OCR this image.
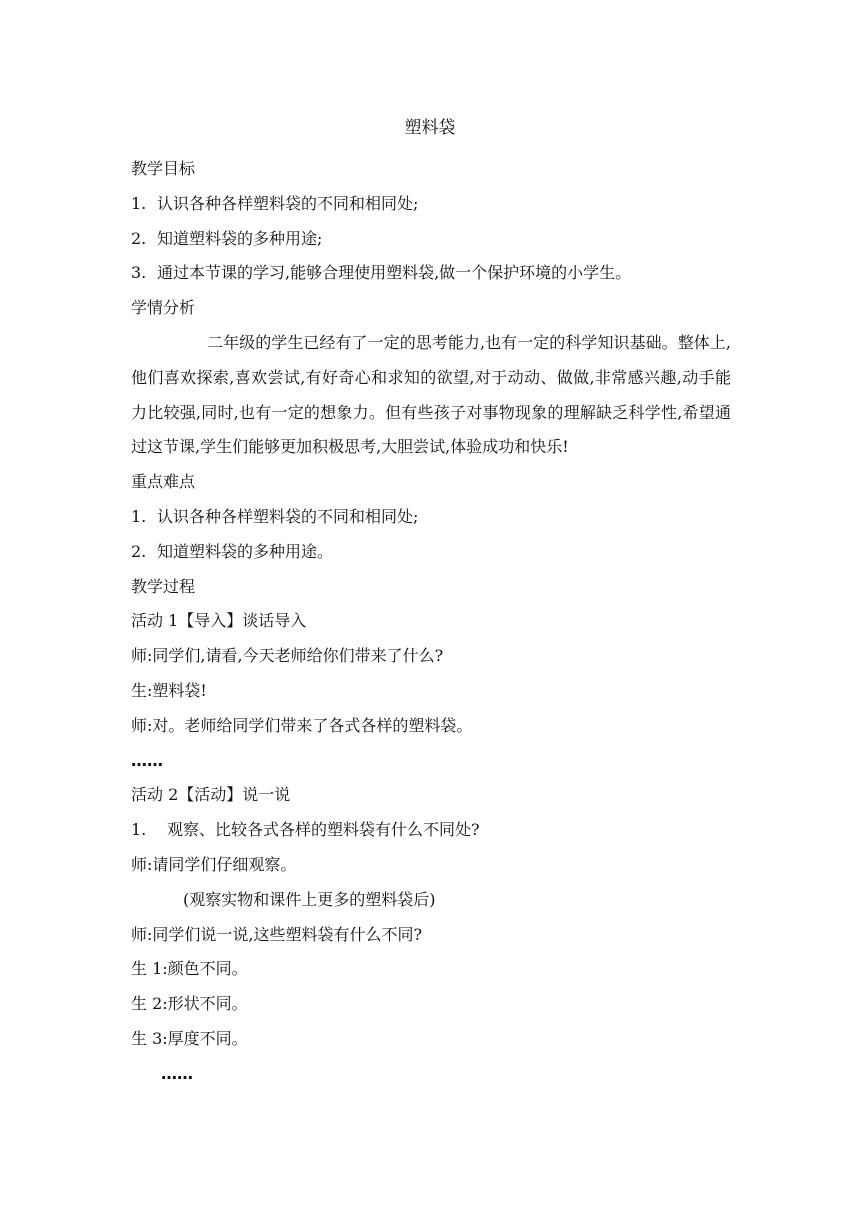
塑料袋
教学目标
1. 认识各种各样塑料袋的不同和相同处;
2. 知道塑料袋的多种用途;
3. 通过本节课的学习,能够合理使用塑料袋,做一个保护环境的小学生。
学情分析
二年级的学生已经有了一定的思考能力,也有一定的科学知识基础。整体上,他们喜欢探索,喜欢尝试,有好奇心和求知的欲望,对于动动、做做,非常感兴趣,动手能力比较强,同时,也有一定的想象力。但有些孩子对事物现象的理解缺乏科学性,希望通过这节课,学生们能够更加积极思考,大胆尝试,体验成功和快乐!
重点难点
1. 认识各种各样塑料袋的不同和相同处;
2. 知道塑料袋的多种用途。
教学过程
活动 1【导入】谈话导入
师:同学们,请看,今天老师给你们带来了什么?
生:塑料袋!
师:对。老师给同学们带来了各式各样的塑料袋。
……
活动 2【活动】说一说
1. 观察、比较各式各样的塑料袋有什么不同处?
师:请同学们仔细观察。
(观察实物和课件上更多的塑料袋后)
师:同学们说一说,这些塑料袋有什么不同?
生 1:颜色不同。
生 2:形状不同。
生 3:厚度不同。
……
